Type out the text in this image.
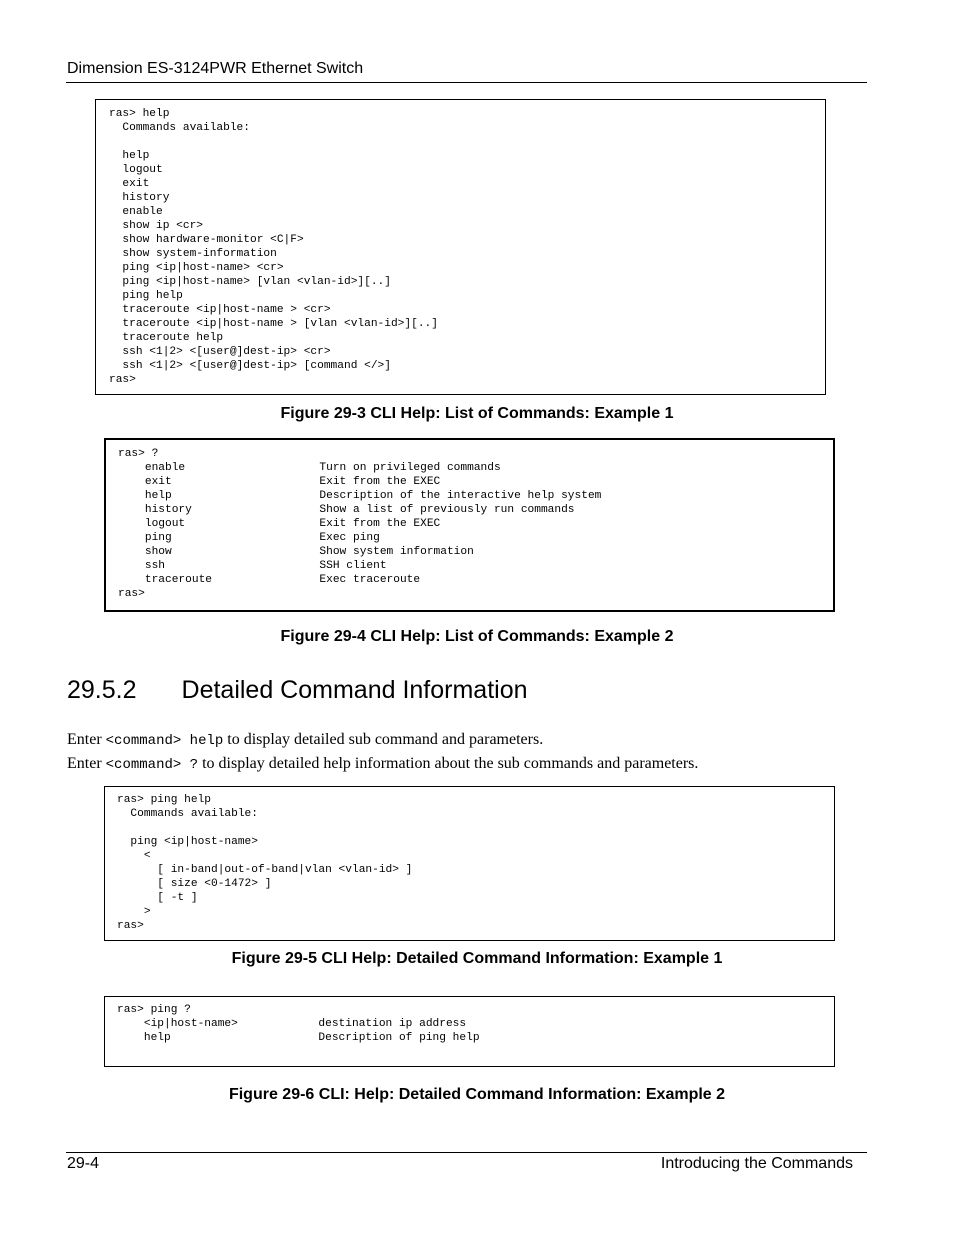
Dimension ES-3124PWR Ethernet Switch
ras> help
Commands available:

help
logout
exit
history
enable
show ip <cr>
show hardware-monitor <C|F>
show system-information
ping <ip|host-name> <cr>
ping <ip|host-name> [vlan <vlan-id>][..]
ping help
traceroute <ip|host-name > <cr>
traceroute <ip|host-name > [vlan <vlan-id>][..]
traceroute help
ssh <1|2> <[user@]dest-ip> <cr>
ssh <1|2> <[user@]dest-ip> [command </>]
ras>
Figure 29-3 CLI Help: List of Commands: Example 1
ras> ?
enable                    Turn on privileged commands
exit                      Exit from the EXEC
help                      Description of the interactive help system
history                   Show a list of previously run commands
logout                    Exit from the EXEC
ping                      Exec ping
show                      Show system information
ssh                       SSH client
traceroute                Exec traceroute
ras>
Figure 29-4 CLI Help: List of Commands: Example 2
29.5.2 Detailed Command Information
Enter <command> help to display detailed sub command and parameters.
Enter <command> ? to display detailed help information about the sub commands and parameters.
ras> ping help
Commands available:

ping <ip|host-name>
<
[ in-band|out-of-band|vlan <vlan-id> ]
[ size <0-1472> ]
[ -t ]
>
ras>
Figure 29-5 CLI Help: Detailed Command Information: Example 1
ras> ping ?
<ip|host-name>            destination ip address
help                      Description of ping help
Figure 29-6 CLI: Help: Detailed Command Information: Example 2
29-4	Introducing the Commands
